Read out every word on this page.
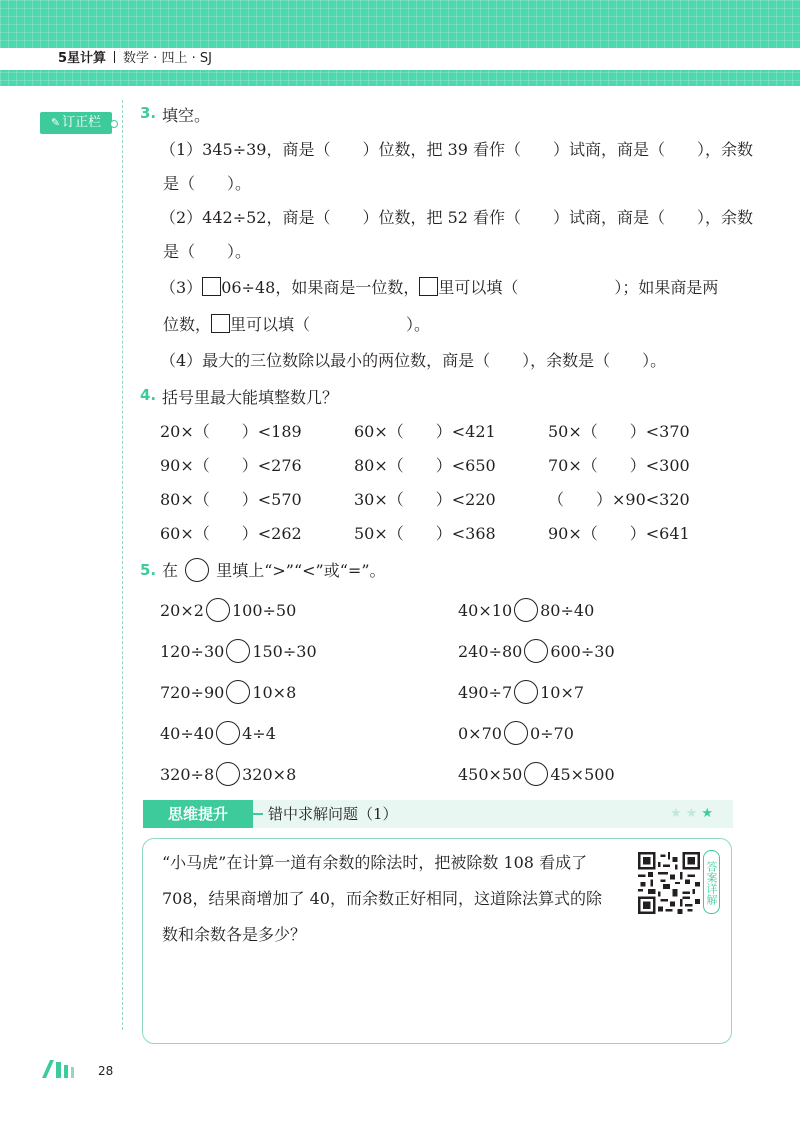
5星计算 数学 · 四上 · SJ
✎ 订正栏
3. 填空。
（1）345÷39，商是（　　）位数，把 39 看作（　　）试商，商是（　　），余数
是（　　）。
（2）442÷52，商是（　　）位数，把 52 看作（　　）试商，商是（　　），余数
是（　　）。
（3） 06÷48，如果商是一位数， 里可以填（　　　　　　）；如果商是两
位数， 里可以填（　　　　　　）。
（4）最大的三位数除以最小的两位数，商是（　　），余数是（　　）。
4. 括号里最大能填整数几？
20×（　　）<189	60×（　　）<421	50×（　　）<370
90×（　　）<276	80×（　　）<650	70×（　　）<300
80×（　　）<570	30×（　　）<220	（　　）×90<320
60×（　　）<262	50×（　　）<368	90×（　　）<641
5. 在 里填上“>”“<”或“=”。
20×2 100÷50	40×10 80÷40
120÷30 150÷30	240÷80 600÷30
720÷90 10×8	490÷7 10×7
40÷40 4÷4	0×70 0÷70
320÷8 320×8	450×50 45×500
思维提升	错中求解问题（1）	★★★
“小马虎”在计算一道有余数的除法时，把被除数 108 看成了
708，结果商增加了 40，而余数正好相同，这道除法算式的除
数和余数各是多少？
答案详解
28
